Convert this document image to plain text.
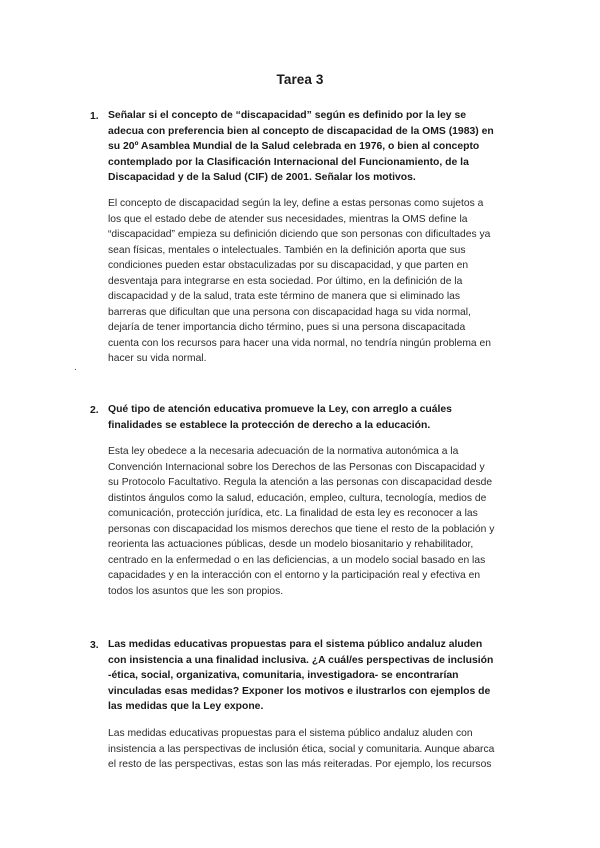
Tarea 3
1. Señalar si el concepto de “discapacidad” según es definido por la ley se
adecua con preferencia bien al concepto de discapacidad de la OMS (1983) en
su 20º Asamblea Mundial de la Salud celebrada en 1976, o bien al concepto
contemplado por la Clasificación Internacional del Funcionamiento, de la
Discapacidad y de la Salud (CIF) de 2001. Señalar los motivos.
El concepto de discapacidad según la ley, define a estas personas como sujetos a
los que el estado debe de atender sus necesidades, mientras la OMS define la
“discapacidad” empieza su definición diciendo que son personas con dificultades ya
sean físicas, mentales o intelectuales. También en la definición aporta que sus
condiciones pueden estar obstaculizadas por su discapacidad, y que parten en
desventaja para integrarse en esta sociedad. Por último, en la definición de la
discapacidad y de la salud, trata este término de manera que si eliminado las
barreras que dificultan que una persona con discapacidad haga su vida normal,
dejaría de tener importancia dicho término, pues si una persona discapacitada
cuenta con los recursos para hacer una vida normal, no tendría ningún problema en
hacer su vida normal.
.
2. Qué tipo de atención educativa promueve la Ley, con arreglo a cuáles
finalidades se establece la protección de derecho a la educación.
Esta ley obedece a la necesaria adecuación de la normativa autonómica a la
Convención Internacional sobre los Derechos de las Personas con Discapacidad y
su Protocolo Facultativo. Regula la atención a las personas con discapacidad desde
distintos ángulos como la salud, educación, empleo, cultura, tecnología, medios de
comunicación, protección jurídica, etc. La finalidad de esta ley es reconocer a las
personas con discapacidad los mismos derechos que tiene el resto de la población y
reorienta las actuaciones públicas, desde un modelo biosanitario y rehabilitador,
centrado en la enfermedad o en las deficiencias, a un modelo social basado en las
capacidades y en la interacción con el entorno y la participación real y efectiva en
todos los asuntos que les son propios.
3. Las medidas educativas propuestas para el sistema público andaluz aluden
con insistencia a una finalidad inclusiva. ¿A cuál/es perspectivas de inclusión
-ética, social, organizativa, comunitaria, investigadora- se encontrarían
vinculadas esas medidas? Exponer los motivos e ilustrarlos con ejemplos de
las medidas que la Ley expone.
Las medidas educativas propuestas para el sistema público andaluz aluden con
insistencia a las perspectivas de inclusión ética, social y comunitaria. Aunque abarca
el resto de las perspectivas, estas son las más reiteradas. Por ejemplo, los recursos
